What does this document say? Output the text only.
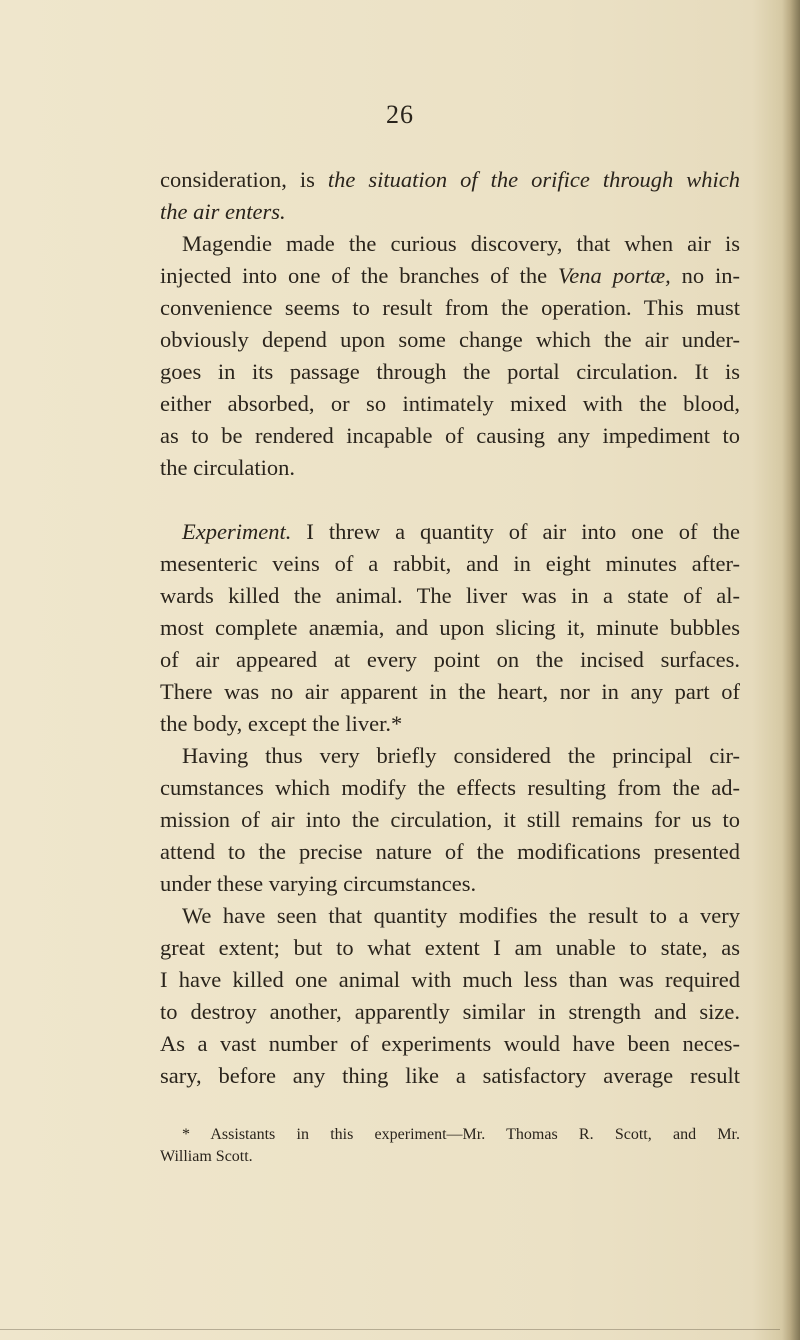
26
consideration, is the situation of the orifice through which
the air enters.
Magendie made the curious discovery, that when air is
injected into one of the branches of the Vena portæ, no in-
convenience seems to result from the operation. This must
obviously depend upon some change which the air under-
goes in its passage through the portal circulation. It is
either absorbed, or so intimately mixed with the blood,
as to be rendered incapable of causing any impediment to
the circulation.
Experiment. I threw a quantity of air into one of the
mesenteric veins of a rabbit, and in eight minutes after-
wards killed the animal. The liver was in a state of al-
most complete anæmia, and upon slicing it, minute bubbles
of air appeared at every point on the incised surfaces.
There was no air apparent in the heart, nor in any part of
the body, except the liver.*
Having thus very briefly considered the principal cir-
cumstances which modify the effects resulting from the ad-
mission of air into the circulation, it still remains for us to
attend to the precise nature of the modifications presented
under these varying circumstances.
We have seen that quantity modifies the result to a very
great extent; but to what extent I am unable to state, as
I have killed one animal with much less than was required
to destroy another, apparently similar in strength and size.
As a vast number of experiments would have been neces-
sary, before any thing like a satisfactory average result
* Assistants in this experiment—Mr. Thomas R. Scott, and Mr.
William Scott.
